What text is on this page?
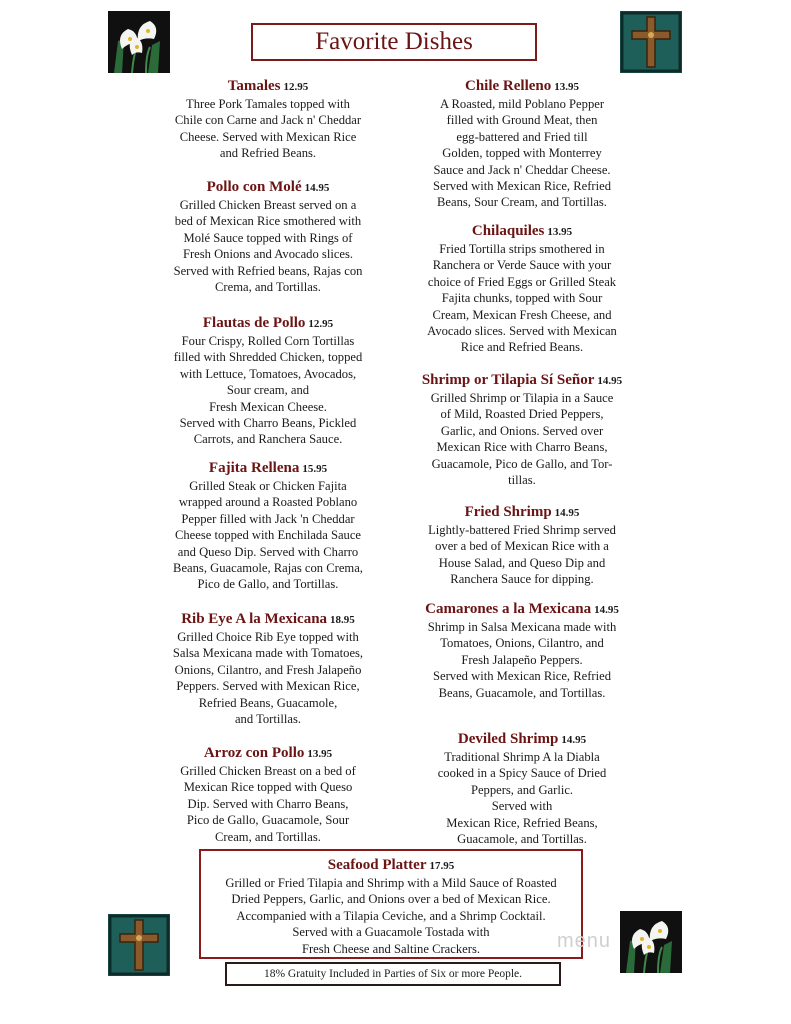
Favorite Dishes
Tamales 12.95
Three Pork Tamales topped with
Chile con Carne and Jack n' Cheddar
Cheese. Served with Mexican Rice
and Refried Beans.
Pollo con Molé 14.95
Grilled Chicken Breast served on a
bed of Mexican Rice smothered with
Molé Sauce topped with Rings of
Fresh Onions and Avocado slices.
Served with Refried beans, Rajas con
Crema, and Tortillas.
Flautas de Pollo 12.95
Four Crispy, Rolled Corn Tortillas
filled with Shredded Chicken, topped
with Lettuce, Tomatoes, Avocados,
Sour cream, and
Fresh Mexican Cheese.
Served with Charro Beans, Pickled
Carrots, and Ranchera Sauce.
Fajita Rellena 15.95
Grilled Steak or Chicken Fajita
wrapped around a Roasted Poblano
Pepper filled with Jack 'n Cheddar
Cheese topped with Enchilada Sauce
and Queso Dip. Served with Charro
Beans, Guacamole, Rajas con Crema,
Pico de Gallo, and Tortillas.
Rib Eye A la Mexicana 18.95
Grilled Choice Rib Eye topped with
Salsa Mexicana made with Tomatoes,
Onions, Cilantro, and Fresh Jalapeño
Peppers. Served with Mexican Rice,
Refried Beans, Guacamole,
and Tortillas.
Arroz con Pollo 13.95
Grilled Chicken Breast on a bed of
Mexican Rice topped with Queso
Dip. Served with Charro Beans,
Pico de Gallo, Guacamole, Sour
Cream, and Tortillas.
Chile Relleno 13.95
A Roasted, mild Poblano Pepper
filled with Ground Meat, then
egg-battered and Fried till
Golden, topped with Monterrey
Sauce and Jack n' Cheddar Cheese.
Served with Mexican Rice, Refried
Beans, Sour Cream, and Tortillas.
Chilaquiles 13.95
Fried Tortilla strips smothered in
Ranchera or Verde Sauce with your
choice of Fried Eggs or Grilled Steak
Fajita chunks, topped with Sour
Cream, Mexican Fresh Cheese, and
Avocado slices. Served with Mexican
Rice and Refried Beans.
Shrimp or Tilapia Sí Señor 14.95
Grilled Shrimp or Tilapia in a Sauce
of Mild, Roasted Dried Peppers,
Garlic, and Onions. Served over
Mexican Rice with Charro Beans,
Guacamole, Pico de Gallo, and Tor-
tillas.
Fried Shrimp 14.95
Lightly-battered Fried Shrimp served
over a bed of Mexican Rice with a
House Salad, and Queso Dip and
Ranchera Sauce for dipping.
Camarones a la Mexicana 14.95
Shrimp in Salsa Mexicana made with
Tomatoes, Onions, Cilantro, and
Fresh Jalapeño Peppers.
Served with Mexican Rice, Refried
Beans, Guacamole, and Tortillas.
Deviled Shrimp 14.95
Traditional Shrimp A la Diabla
cooked in a Spicy Sauce of Dried
Peppers, and Garlic.
Served with
Mexican Rice, Refried Beans,
Guacamole, and Tortillas.
Seafood Platter 17.95
Grilled or Fried Tilapia and Shrimp with a Mild Sauce of Roasted
Dried Peppers, Garlic, and Onions over a bed of Mexican Rice.
Accompanied with a Tilapia Ceviche, and a Shrimp Cocktail.
Served with a Guacamole Tostada with
Fresh Cheese and Saltine Crackers.
18% Gratuity Included in Parties of Six or more People.
menu
